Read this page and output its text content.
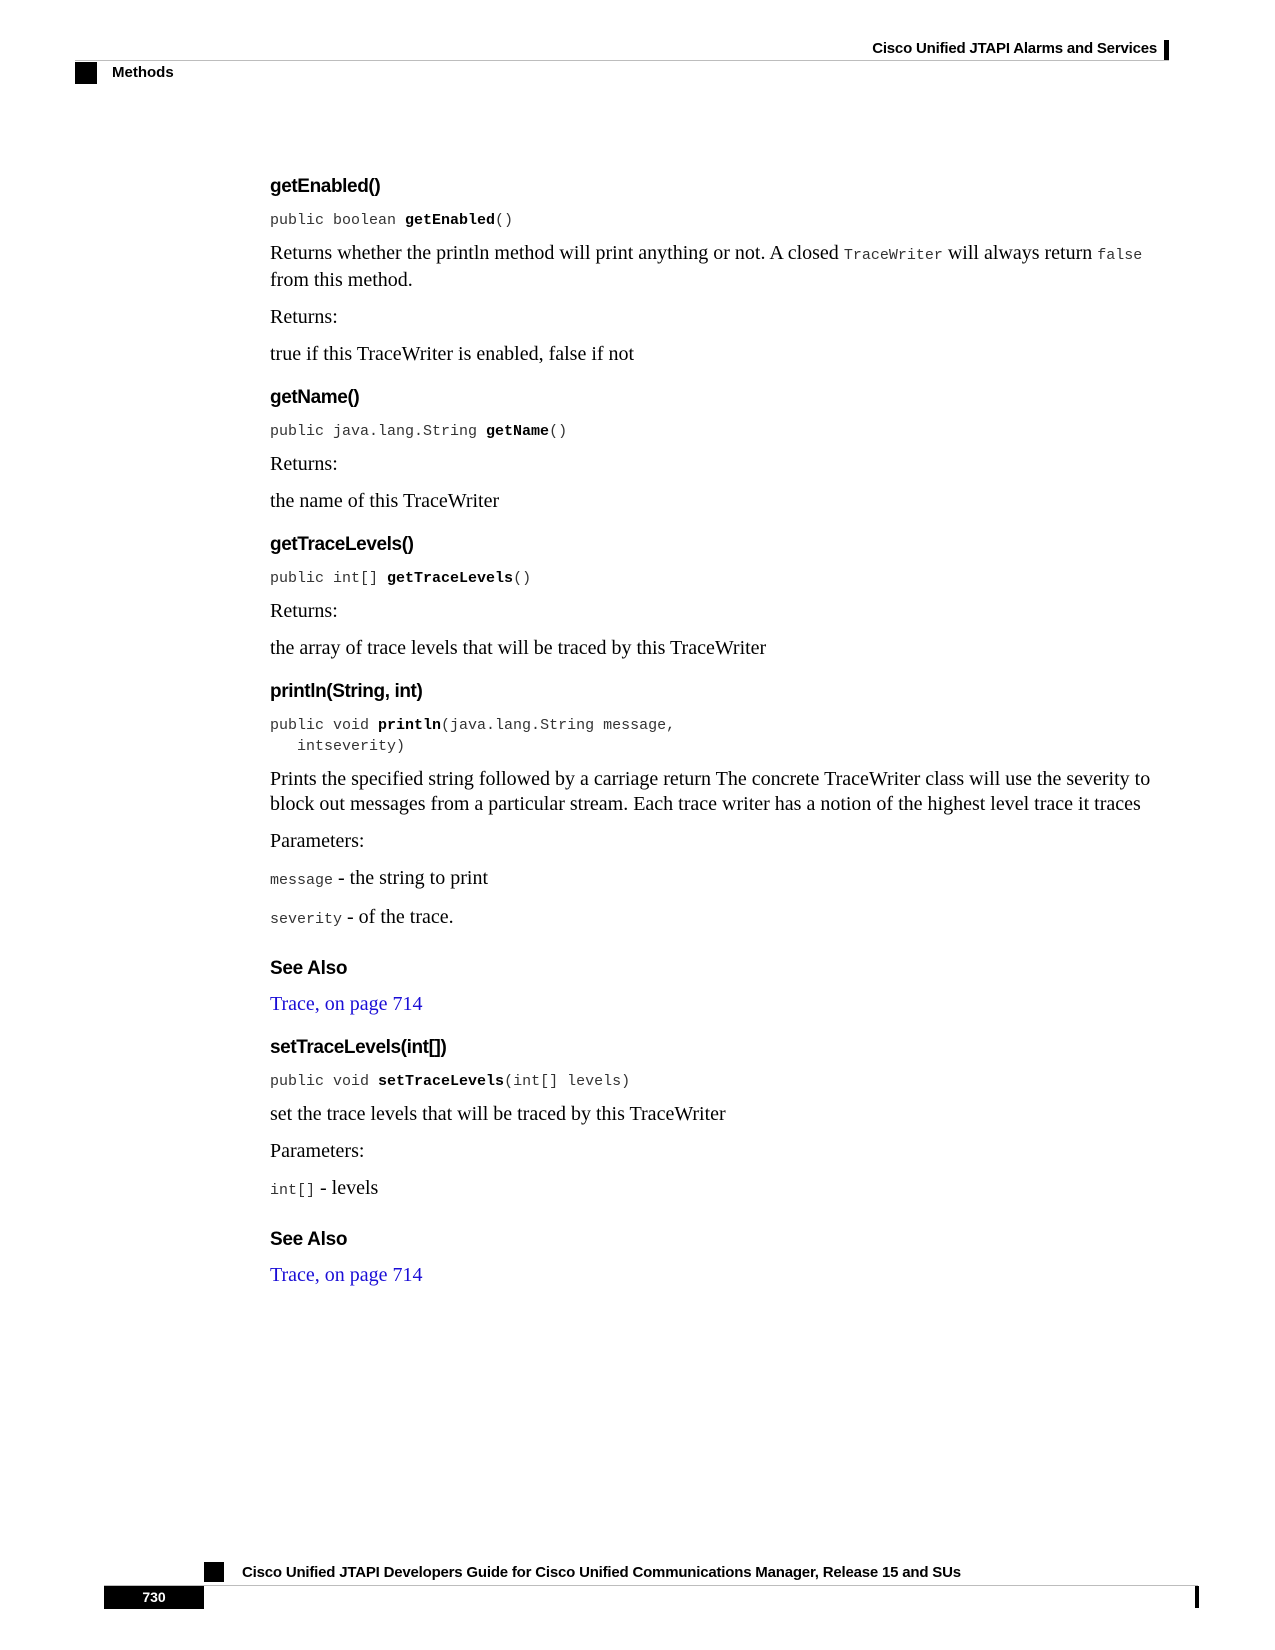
Cisco Unified JTAPI Alarms and Services
Methods
getEnabled()
public boolean getEnabled()

Returns whether the println method will print anything or not. A closed TraceWriter will always return false from this method.

Returns:

true if this TraceWriter is enabled, false if not

getName()
public java.lang.String getName()

Returns:

the name of this TraceWriter

getTraceLevels()
public int[] getTraceLevels()

Returns:

the array of trace levels that will be traced by this TraceWriter

println(String, int)
public void println(java.lang.String message,
intseverity)

Prints the specified string followed by a carriage return The concrete TraceWriter class will use the severity to block out messages from a particular stream. Each trace writer has a notion of the highest level trace it traces

Parameters:

message - the string to print

severity - of the trace.

See Also

Trace, on page 714

setTraceLevels(int[])
public void setTraceLevels(int[] levels)

set the trace levels that will be traced by this TraceWriter

Parameters:

int[] - levels

See Also

Trace, on page 714

Cisco Unified JTAPI Developers Guide for Cisco Unified Communications Manager, Release 15 and SUs
730
